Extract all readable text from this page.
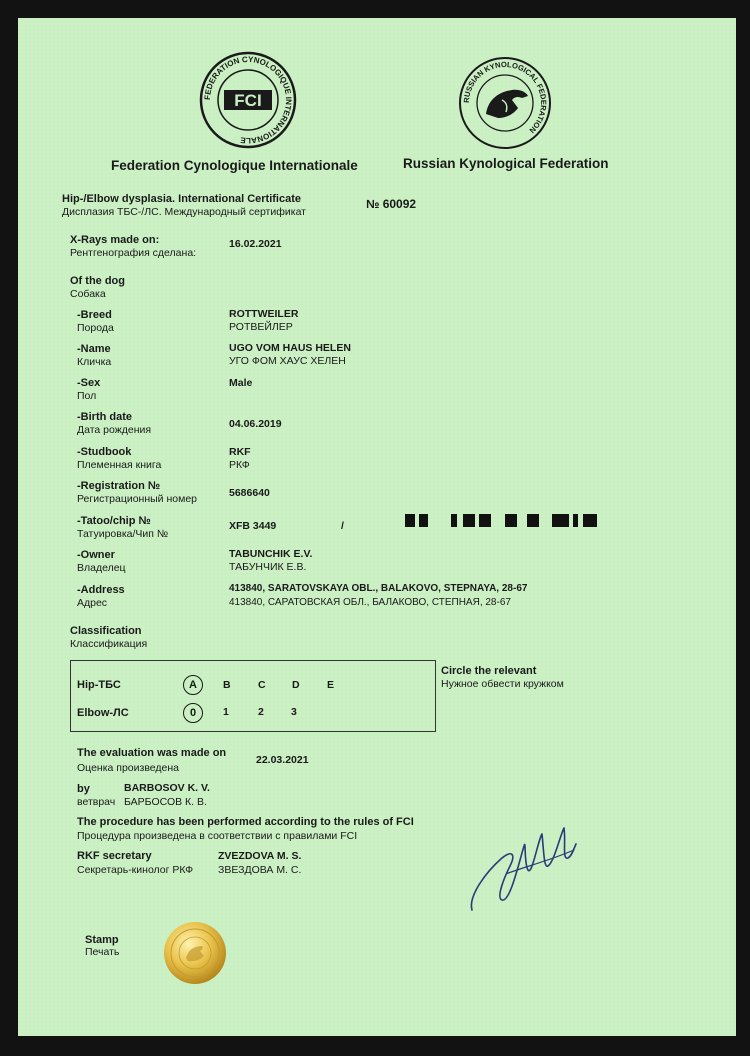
FEDERATION CYNOLOGIQUE INTERNATIONALE
FCI	RUSSIAN KYNOLOGICAL FEDERATION
Federation Cynologique Internationale	Russian Kynological Federation
Hip-/Elbow dysplasia. International Certificate
Дисплазия ТБС-/ЛС. Международный сертификат
№ 60092
X-Rays made on:
Рентгенография сделана:
16.02.2021
Of the dog
Собака
-Breed
Порода
ROTTWEILER
РОТВЕЙЛЕР
-Name
Кличка
UGO VOM HAUS HELEN
УГО ФОМ ХАУС ХЕЛЕН
-Sex
Пол
Male
-Birth date
Дата рождения	04.06.2019
-Studbook
Племенная книга
RKF
РКФ
-Registration №
Регистрационный номер	5686640
-Tatoo/chip №
Татуировка/Чип №
XFB 3449	/
-Owner
Владелец
TABUNCHIK E.V.
ТАБУНЧИК Е.В.
-Address
Адрес
413840, SARATOVSKAYA OBL., BALAKOVO, STEPNAYA, 28-67
413840, САРАТОВСКАЯ ОБЛ., БАЛАКОВО, СТЕПНАЯ, 28-67
Classification
Классификация
Circle the relevant
Нужное обвести кружком
Hip-ТБС	A	B	C	D	E
Elbow-ЛС	0	1	2	3
The evaluation was made on
Оценка произведена
22.03.2021
by
ветврач
BARBOSOV K. V.
БАРБОСОВ К. В.
The procedure has been performed according to the rules of FCI
Процедура произведена в соответствии с правилами FCI
RKF secretary
Секретарь-кинолог РКФ
ZVEZDOVA M. S.
ЗВЕЗДОВА М. С.
Stamp
Печать
